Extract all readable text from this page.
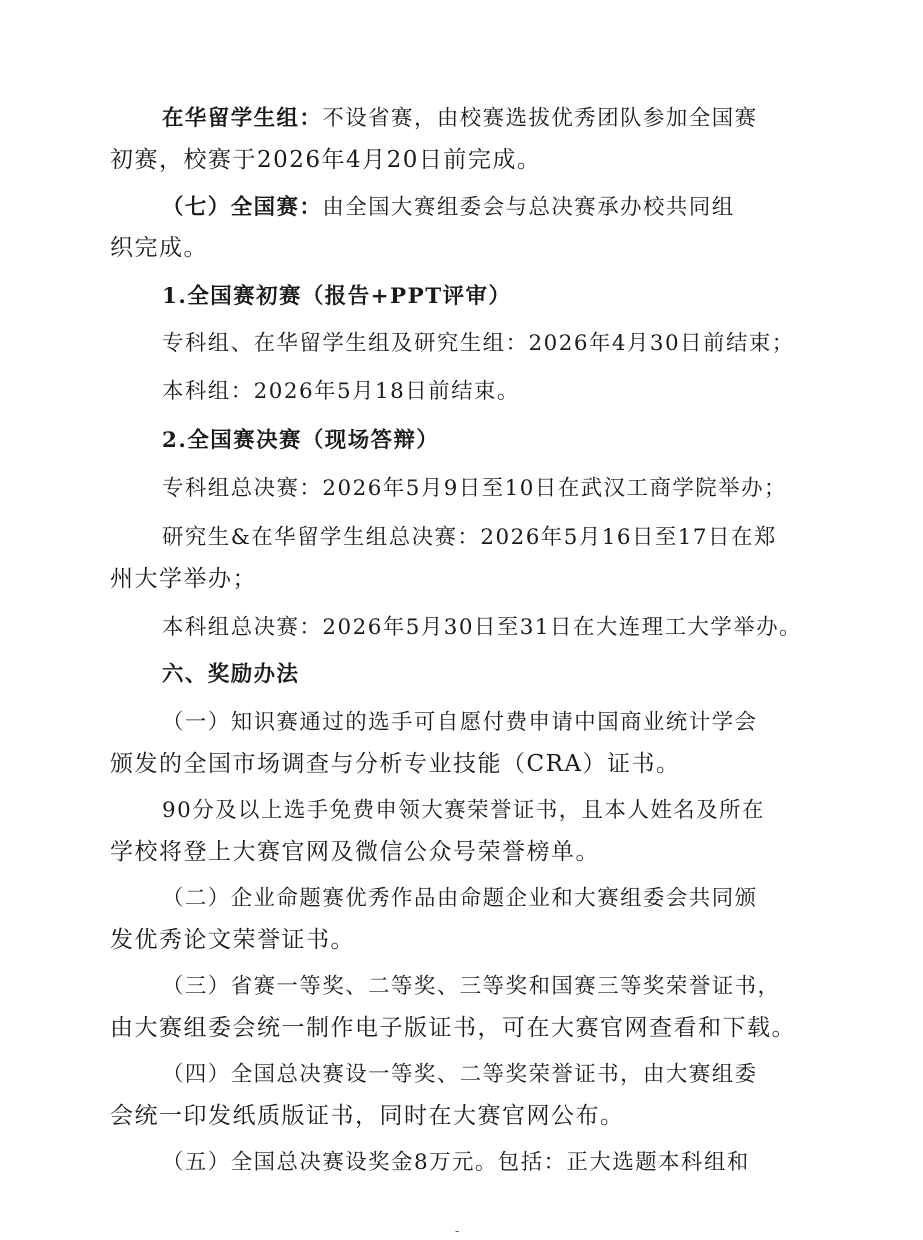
在华留学生组：不设省赛，由校赛选拔优秀团队参加全国赛
初赛，校赛于2026年4月20日前完成。
（七）全国赛：由全国大赛组委会与总决赛承办校共同组
织完成。
1.全国赛初赛（报告+PPT评审）
专科组、在华留学生组及研究生组：2026年4月30日前结束；
本科组：2026年5月18日前结束。
2.全国赛决赛（现场答辩）
专科组总决赛：2026年5月9日至10日在武汉工商学院举办；
研究生&在华留学生组总决赛：2026年5月16日至17日在郑
州大学举办；
本科组总决赛：2026年5月30日至31日在大连理工大学举办。
六、奖励办法
（一）知识赛通过的选手可自愿付费申请中国商业统计学会
颁发的全国市场调查与分析专业技能（CRA）证书。
90分及以上选手免费申领大赛荣誉证书，且本人姓名及所在
学校将登上大赛官网及微信公众号荣誉榜单。
（二）企业命题赛优秀作品由命题企业和大赛组委会共同颁
发优秀论文荣誉证书。
（三）省赛一等奖、二等奖、三等奖和国赛三等奖荣誉证书，
由大赛组委会统一制作电子版证书，可在大赛官网查看和下载。
（四）全国总决赛设一等奖、二等奖荣誉证书，由大赛组委
会统一印发纸质版证书，同时在大赛官网公布。
（五）全国总决赛设奖金8万元。包括：正大选题本科组和
-
